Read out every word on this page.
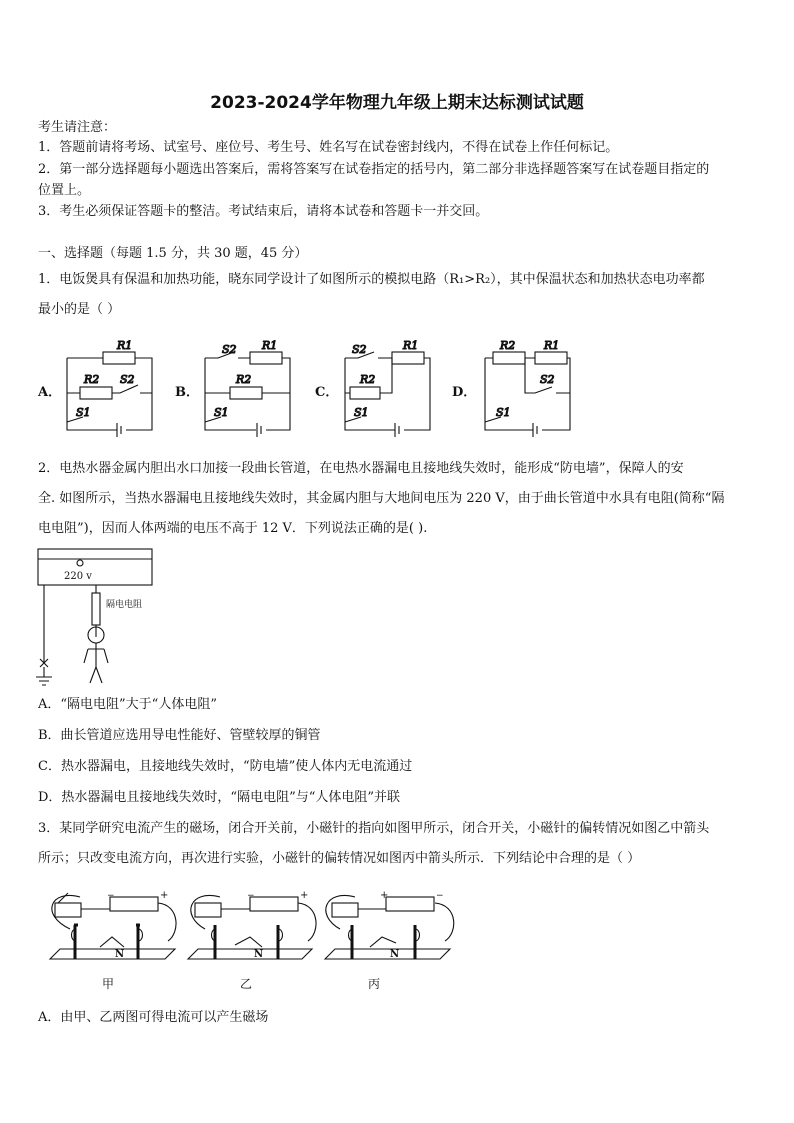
2023-2024学年物理九年级上期末达标测试试题
考生请注意：
1．答题前请将考场、试室号、座位号、考生号、姓名写在试卷密封线内，不得在试卷上作任何标记。
2．第一部分选择题每小题选出答案后，需将答案写在试卷指定的括号内，第二部分非选择题答案写在试卷题目指定的
位置上。
3．考生必须保证答题卡的整洁。考试结束后，请将本试卷和答题卡一并交回。
一、选择题（每题 1.5 分，共 30 题，45 分）
1．电饭煲具有保温和加热功能，晓东同学设计了如图所示的模拟电路（R₁>R₂），其中保温状态和加热状态电功率都
最小的是（ ）
A．	B．	C．	D．
R1
R2 S2
S1
S2 R1
R2
S1
S2	R1
R2
S1
R2	R1
S2
S1
2．电热水器金属内胆出水口加接一段曲长管道，在电热水器漏电且接地线失效时，能形成“防电墙”，保障人的安
全. 如图所示，当热水器漏电且接地线失效时，其金属内胆与大地间电压为 220 V，由于曲长管道中水具有电阻(简称“隔
电电阻”)，因而人体两端的电压不高于 12 V．下列说法正确的是( ).
220 v
隔电电阻
A．“隔电电阻”大于“人体电阻”
B．曲长管道应选用导电性能好、管壁较厚的铜管
C．热水器漏电，且接地线失效时，“防电墙”使人体内无电流通过
D．热水器漏电且接地线失效时，“隔电电阻”与“人体电阻”并联
3．某同学研究电流产生的磁场，闭合开关前，小磁针的指向如图甲所示，闭合开关，小磁针的偏转情况如图乙中箭头
所示；只改变电流方向，再次进行实验，小磁针的偏转情况如图丙中箭头所示．下列结论中合理的是（ ）
N
−	+
甲
N
−	+
乙
N
+	−
丙
A．由甲、乙两图可得电流可以产生磁场
